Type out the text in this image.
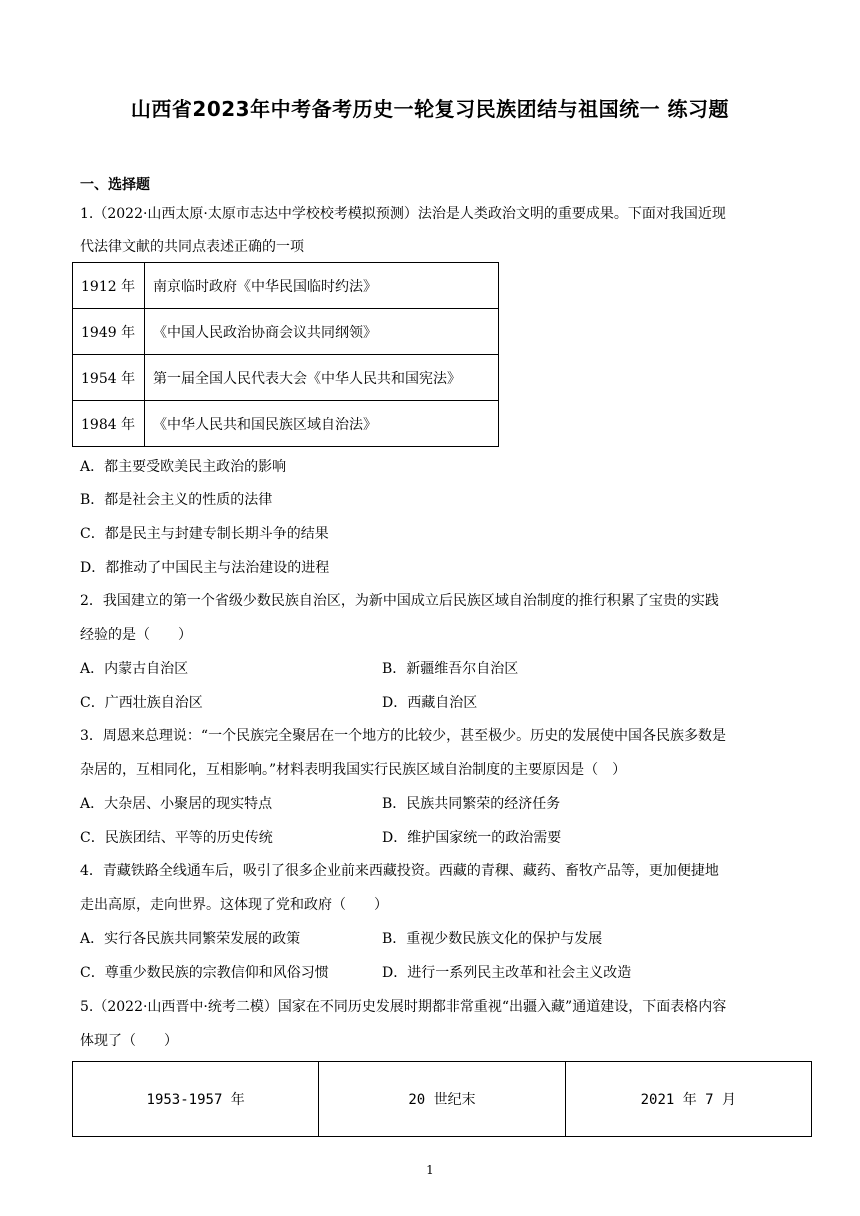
山西省2023年中考备考历史一轮复习民族团结与祖国统一 练习题
一、选择题
1.（2022·山西太原·太原市志达中学校校考模拟预测）法治是人类政治文明的重要成果。下面对我国近现
代法律文献的共同点表述正确的一项
1912 年	南京临时政府《中华民国临时约法》
1949 年	《中国人民政治协商会议共同纲领》
1954 年	第一届全国人民代表大会《中华人民共和国宪法》
1984 年	《中华人民共和国民族区域自治法》
A．都主要受欧美民主政治的影响
B．都是社会主义的性质的法律
C．都是民主与封建专制长期斗争的结果
D．都推动了中国民主与法治建设的进程
2．我国建立的第一个省级少数民族自治区，为新中国成立后民族区域自治制度的推行积累了宝贵的实践
经验的是（　　）
A．内蒙古自治区	B．新疆维吾尔自治区
C．广西壮族自治区	D．西藏自治区
3．周恩来总理说：“一个民族完全聚居在一个地方的比较少，甚至极少。历史的发展使中国各民族多数是
杂居的，互相同化，互相影响。”材料表明我国实行民族区域自治制度的主要原因是（　）
A．大杂居、小聚居的现实特点	B．民族共同繁荣的经济任务
C．民族团结、平等的历史传统	D．维护国家统一的政治需要
4．青藏铁路全线通车后，吸引了很多企业前来西藏投资。西藏的青稞、藏药、畜牧产品等，更加便捷地
走出高原，走向世界。这体现了党和政府（　　）
A．实行各民族共同繁荣发展的政策	B．重视少数民族文化的保护与发展
C．尊重少数民族的宗教信仰和风俗习惯	D．进行一系列民主改革和社会主义改造
5.（2022·山西晋中·统考二模）国家在不同历史发展时期都非常重视“出疆入藏”通道建设，下面表格内容
1953-1957 年	20 世纪末	2021 年 7 月
1
体现了（　　）
